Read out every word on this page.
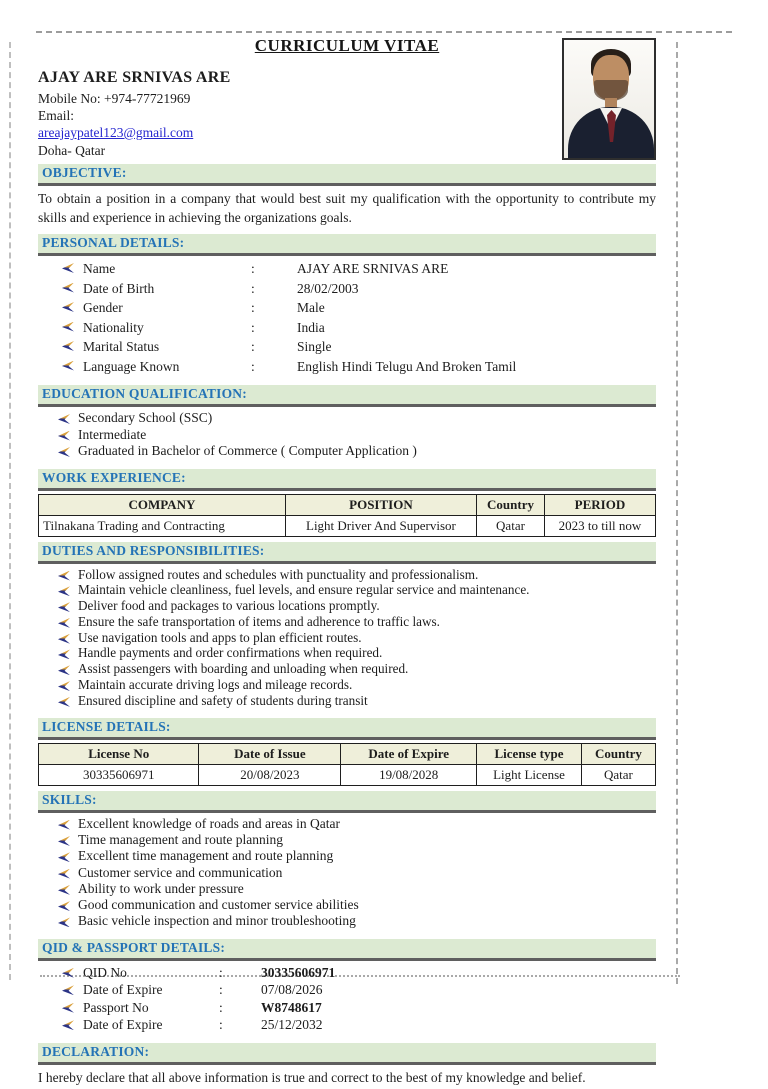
CURRICULUM VITAE
AJAY ARE SRNIVAS ARE
Mobile No: +974-77721969
Email:
areajaypatel123@gmail.com
Doha- Qatar
OBJECTIVE:
To obtain a position in a company that would best suit my qualification with the opportunity to contribute my skills and experience in achieving the organizations goals.
PERSONAL DETAILS:
Name	:	AJAY ARE SRNIVAS ARE
Date of Birth	:	28/02/2003
Gender	:	Male
Nationality	:	India
Marital Status	:	Single
Language Known	:	English Hindi Telugu And Broken Tamil
EDUCATION QUALIFICATION:
Secondary School (SSC)
Intermediate
Graduated in Bachelor of Commerce ( Computer Application )
WORK EXPERIENCE:
COMPANY	POSITION	Country	PERIOD
Tilnakana Trading and Contracting	Light Driver And Supervisor	Qatar	2023 to till now
DUTIES AND RESPONSIBILITIES:
Follow assigned routes and schedules with punctuality and professionalism.
Maintain vehicle cleanliness, fuel levels, and ensure regular service and maintenance.
Deliver food and packages to various locations promptly.
Ensure the safe transportation of items and adherence to traffic laws.
Use navigation tools and apps to plan efficient routes.
Handle payments and order confirmations when required.
Assist passengers with boarding and unloading when required.
Maintain accurate driving logs and mileage records.
Ensured discipline and safety of students during transit
LICENSE DETAILS:
License No	Date of Issue	Date of Expire	License type	Country
30335606971	20/08/2023	19/08/2028	Light License	Qatar
SKILLS:
Excellent knowledge of roads and areas in Qatar
Time management and route planning
Excellent time management and route planning
Customer service and communication
Ability to work under pressure
Good communication and customer service abilities
Basic vehicle inspection and minor troubleshooting
QID & PASSPORT DETAILS:
QID No	:	30335606971
Date of Expire	:	07/08/2026
Passport No	:	W8748617
Date of Expire	:	25/12/2032
DECLARATION:
I hereby declare that all above information is true and correct to the best of my knowledge and belief.
